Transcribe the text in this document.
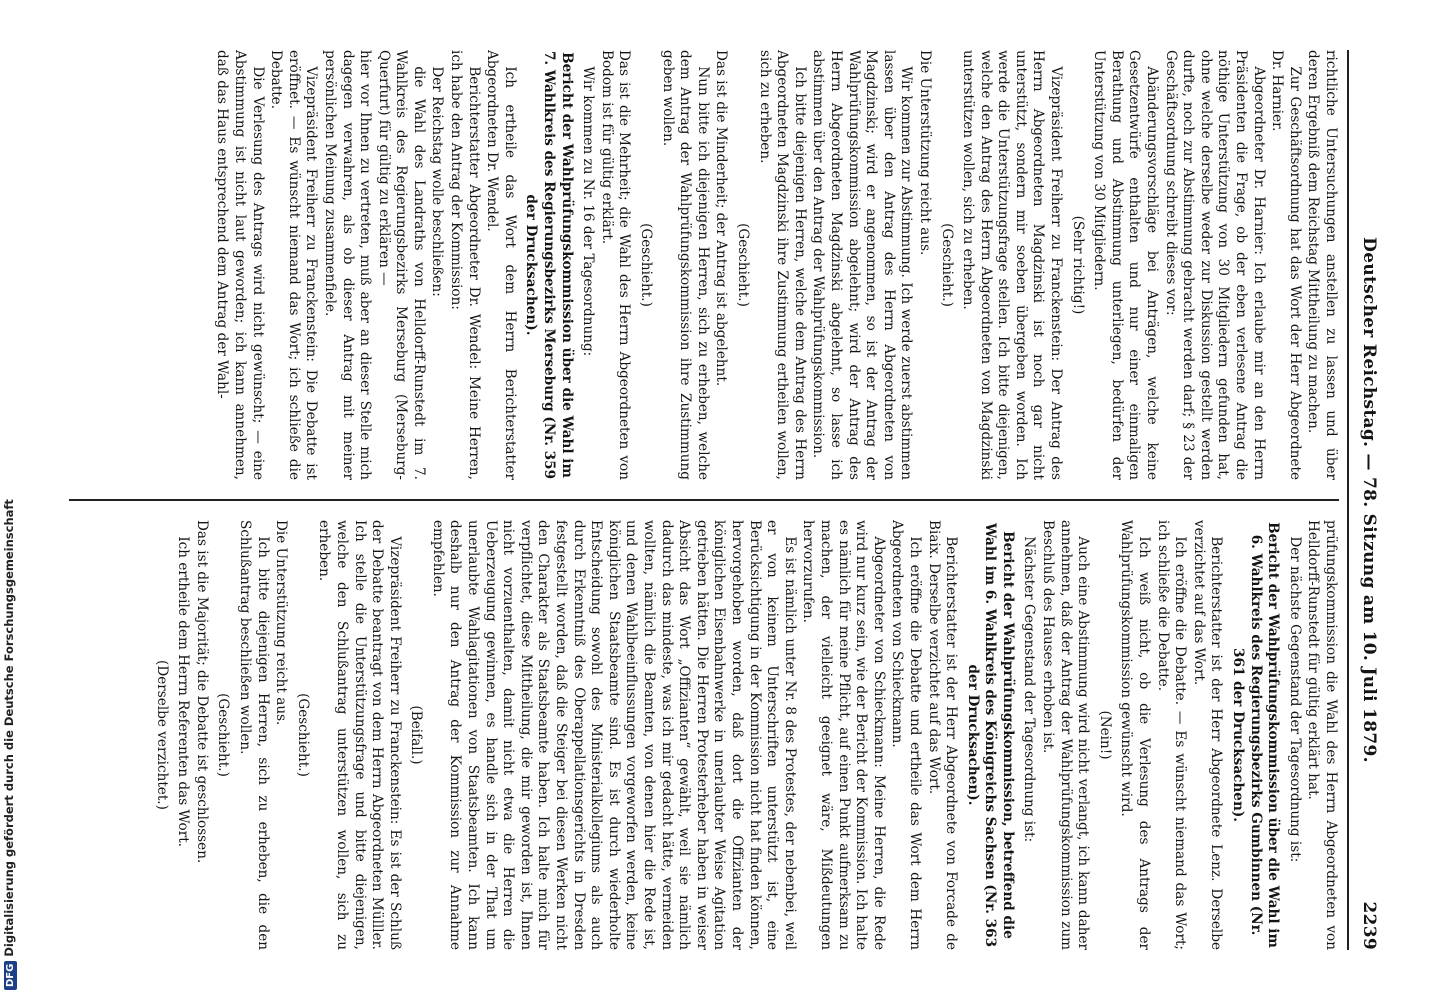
Deutscher Reichstag. — 78. Sitzung am 10. Juli 1879.
2239

richtliche Untersuchungen anstellen zu lassen und über deren Ergebniß dem Reichstag Mittheilung zu machen.

Zur Geschäftsordnung hat das Wort der Herr Abgeordnete Dr. Harnier.

Abgeordneter Dr. Harnier: Ich erlaube mir an den Herrn Präsidenten die Frage, ob der eben verlesene Antrag die nöthige Unterstützung von 30 Mitgliedern gefunden hat, ohne welche derselbe weder zur Diskussion gestellt werden durfte, noch zur Abstimmung gebracht werden darf; § 23 der Geschäftsordnung schreibt dieses vor:

Abänderungsvorschläge bei Anträgen, welche keine Gesetzentwürfe enthalten und nur einer einmaligen Berathung und Abstimmung unterliegen, bedürfen der Unterstützung von 30 Mitgliedern.

(Sehr richtig!)

Vizepräsident Freiherr zu Franckenstein: Der Antrag des Herrn Abgeordneten Magdzinski ist noch gar nicht unterstützt, sondern mir soeben übergeben worden. Ich werde die Unterstützungsfrage stellen. Ich bitte diejenigen, welche den Antrag des Herrn Abgeordneten von Magdzinski unterstützen wollen, sich zu erheben.

(Geschieht.)

Die Unterstützung reicht aus.

Wir kommen zur Abstimmung. Ich werde zuerst abstimmen lassen über den Antrag des Herrn Abgeordneten von Magdzinski; wird er angenommen, so ist der Antrag der Wahlprüfungskommission abgelehnt; wird der Antrag des Herrn Abgeordneten Magdzinski abgelehnt, so lasse ich abstimmen über den Antrag der Wahlprüfungskommission.

Ich bitte diejenigen Herren, welche dem Antrag des Herrn Abgeordneten Magdzinski ihre Zustimmung ertheilen wollen, sich zu erheben.

(Geschieht.)

Das ist die Minderheit; der Antrag ist abgelehnt.

Nun bitte ich diejenigen Herren, sich zu erheben, welche dem Antrag der Wahlprüfungskommission ihre Zustimmung geben wollen.

(Geschieht.)

Das ist die Mehrheit; die Wahl des Herrn Abgeordneten von Bodom ist für gültig erklärt.

Wir kommen zu Nr. 16 der Tagesordnung:

Bericht der Wahlprüfungskommission über die Wahl im 7. Wahlkreis des Regierungsbezirks Merseburg (Nr. 359 der Drucksachen).

Ich ertheile das Wort dem Herrn Berichterstatter Abgeordneten Dr. Wendel.

Berichterstatter Abgeordneter Dr. Wendel: Meine Herren, ich habe den Antrag der Kommission:

Der Reichstag wolle beschließen:

die Wahl des Landraths von Helldorff-Runstedt im 7. Wahlkreis des Regierungsbezirks Merseburg (Merseburg-Querfurt) für gültig zu erklären —

hier vor Ihnen zu vertreten, muß aber an dieser Stelle mich dagegen verwahren, als ob dieser Antrag mit meiner persönlichen Meinung zusammenfiele.

Vizepräsident Freiherr zu Franckenstein: Die Debatte ist eröffnet. — Es wünscht niemand das Wort; ich schließe die Debatte.

Die Verlesung des Antrags wird nicht gewünscht; — eine Abstimmung ist nicht laut geworden; ich kann annehmen, daß das Haus entsprechend dem Antrag der Wahl-

prüfungskommission die Wahl des Herrn Abgeordneten von Helldorff-Runstedt für gültig erklärt hat.

Der nächste Gegenstand der Tagesordnung ist:

Bericht der Wahlprüfungskommission über die Wahl im 6. Wahlkreis des Regierungsbezirks Gumbinnen (Nr. 361 der Drucksachen).

Berichterstatter ist der Herr Abgeordnete Lenz. Derselbe verzichtet auf das Wort.

Ich eröffne die Debatte. — Es wünscht niemand das Wort; ich schließe die Debatte.

Ich weiß nicht, ob die Verlesung des Antrags der Wahlprüfungskommission gewünscht wird.

(Nein!)

Auch eine Abstimmung wird nicht verlangt, ich kann daher annehmen, daß der Antrag der Wahlprüfungskommission zum Beschluß des Hauses erhoben ist.

Nächster Gegenstand der Tagesordnung ist:

Bericht der Wahlprüfungskommission, betreffend die Wahl im 6. Wahlkreis des Königreichs Sachsen (Nr. 363 der Drucksachen).

Berichterstatter ist der Herr Abgeordnete von Forcade de Biaix. Derselbe verzichtet auf das Wort.

Ich eröffne die Debatte und ertheile das Wort dem Herrn Abgeordneten von Schieckmann.

Abgeordneter von Schieckmann: Meine Herren, die Rede wird nur kurz sein, wie der Bericht der Kommission. Ich halte es nämlich für meine Pflicht, auf einen Punkt aufmerksam zu machen, der vielleicht geeignet wäre, Mißdeutungen hervorzurufen.

Es ist nämlich unter Nr. 8 des Protestes, der nebenbei, weil er von keinem Unterschriften unterstützt ist, eine Berücksichtigung in der Kommission nicht hat finden können, hervorgehoben worden, daß dort die Offizianten der königlichen Eisenbahnwerke in unerlaubter Weise Agitation getrieben hätten. Die Herren Protesterheber haben in weiser Absicht das Wort „Offizianten“ gewählt, weil sie nämlich dadurch das mindeste, was ich mir gedacht hätte, vermeiden wollten, nämlich die Beamten, von denen hier die Rede ist, und denen Wahlbeeinflussungen vorgeworfen werden, keine königlichen Staatsbeamte sind. Es ist durch wiederholte Entscheidung sowohl des Ministerialkollegiums als auch durch Erkenntniß des Oberappellationsgerichts in Dresden festgestellt worden, daß die Steiger bei diesen Werken nicht den Charakter als Staatsbeamte haben. Ich halte mich für verpflichtet, diese Mittheilung, die mir geworden ist, Ihnen nicht vorzuenthalten, damit nicht etwa die Herren die Ueberzeugung gewinnen, es handle sich in der That um unerlaubte Wahlagitationen von Staatsbeamten. Ich kann deshalb nur den Antrag der Kommission zur Annahme empfehlen.

(Beifall.)

Vizepräsident Freiherr zu Franckenstein: Es ist der Schluß der Debatte beantragt von dem Herrn Abgeordneten Mülller. Ich stelle die Unterstützungsfrage und bitte diejenigen, welche den Schlußantrag unterstützen wollen, sich zu erheben.

(Geschieht.)

Die Unterstützung reicht aus.

Ich bitte diejenigen Herren, sich zu erheben, die den Schlußantrag beschließen wollen.

(Geschieht.)

Das ist die Majorität; die Debatte ist geschlossen.

Ich ertheile dem Herrn Referenten das Wort.

(Derselbe verzichtet.)

DFGDigitalisierung gefördert durch die Deutsche Forschungsgemeinschaft
